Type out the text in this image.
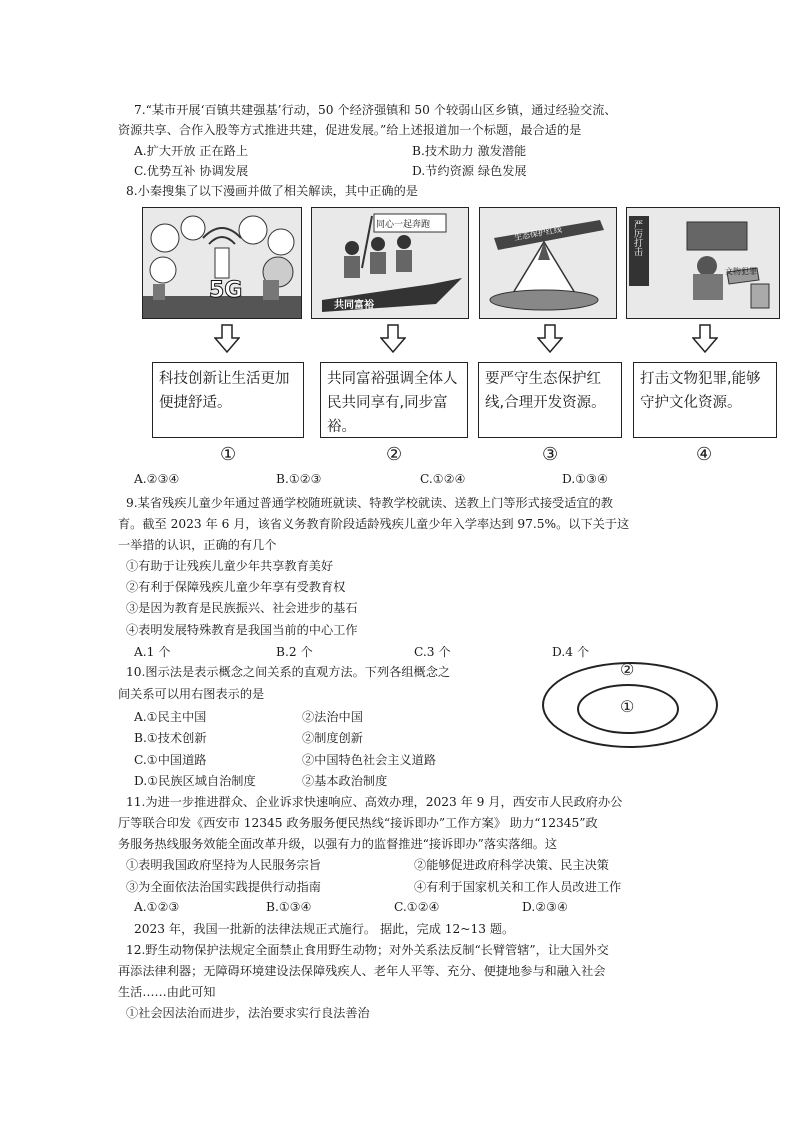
7.“某市开展‘百镇共建强基’行动，50 个经济强镇和 50 个较弱山区乡镇，通过经验交流、
资源共享、合作入股等方式推进共建，促进发展。”给上述报道加一个标题，最合适的是
A.扩大开放 正在路上	B.技术助力 激发潜能
C.优势互补 协调发展	D.节约资源 绿色发展
8.小秦搜集了以下漫画并做了相关解读，其中正确的是
5G
同心一起奔跑
共同富裕
生态保护红线	严厉打击
文物犯罪
科技创新让生活更加便捷舒适。
共同富裕强调全体人民共同享有,同步富裕。
要严守生态保护红线,合理开发资源。
打击文物犯罪,能够守护文化资源。
①	②	③	④
A.②③④	B.①②③	C.①②④	D.①③④
9.某省残疾儿童少年通过普通学校随班就读、特教学校就读、送教上门等形式接受适宜的教
育。截至 2023 年 6 月，该省义务教育阶段适龄残疾儿童少年入学率达到 97.5%。以下关于这
一举措的认识，正确的有几个
①有助于让残疾儿童少年共享教育美好
②有利于保障残疾儿童少年享有受教育权
③是因为教育是民族振兴、社会进步的基石
④表明发展特殊教育是我国当前的中心工作
A.1 个	B.2 个	C.3 个	D.4 个
10.图示法是表示概念之间关系的直观方法。下列各组概念之
间关系可以用右图表示的是
A.①民主中国	②法治中国
B.①技术创新	②制度创新
C.①中国道路	②中国特色社会主义道路
D.①民族区域自治制度	②基本政治制度
②
①
11.为进一步推进群众、企业诉求快速响应、高效办理，2023 年 9 月，西安市人民政府办公
厅等联合印发《西安市 12345 政务服务便民热线“接诉即办”工作方案》 助力“12345”政
务服务热线服务效能全面改革升级，以强有力的监督推进“接诉即办”落实落细。这
①表明我国政府坚持为人民服务宗旨	②能够促进政府科学决策、民主决策
③为全面依法治国实践提供行动指南	④有利于国家机关和工作人员改进工作
A.①②③	B.①③④	C.①②④	D.②③④
2023 年，我国一批新的法律法规正式施行。 据此，完成 12~13 题。
12.野生动物保护法规定全面禁止食用野生动物；对外关系法反制“长臂管辖”，让大国外交
再添法律利器；无障碍环境建设法保障残疾人、老年人平等、充分、便捷地参与和融入社会
生活……由此可知
①社会因法治而进步，法治要求实行良法善治
